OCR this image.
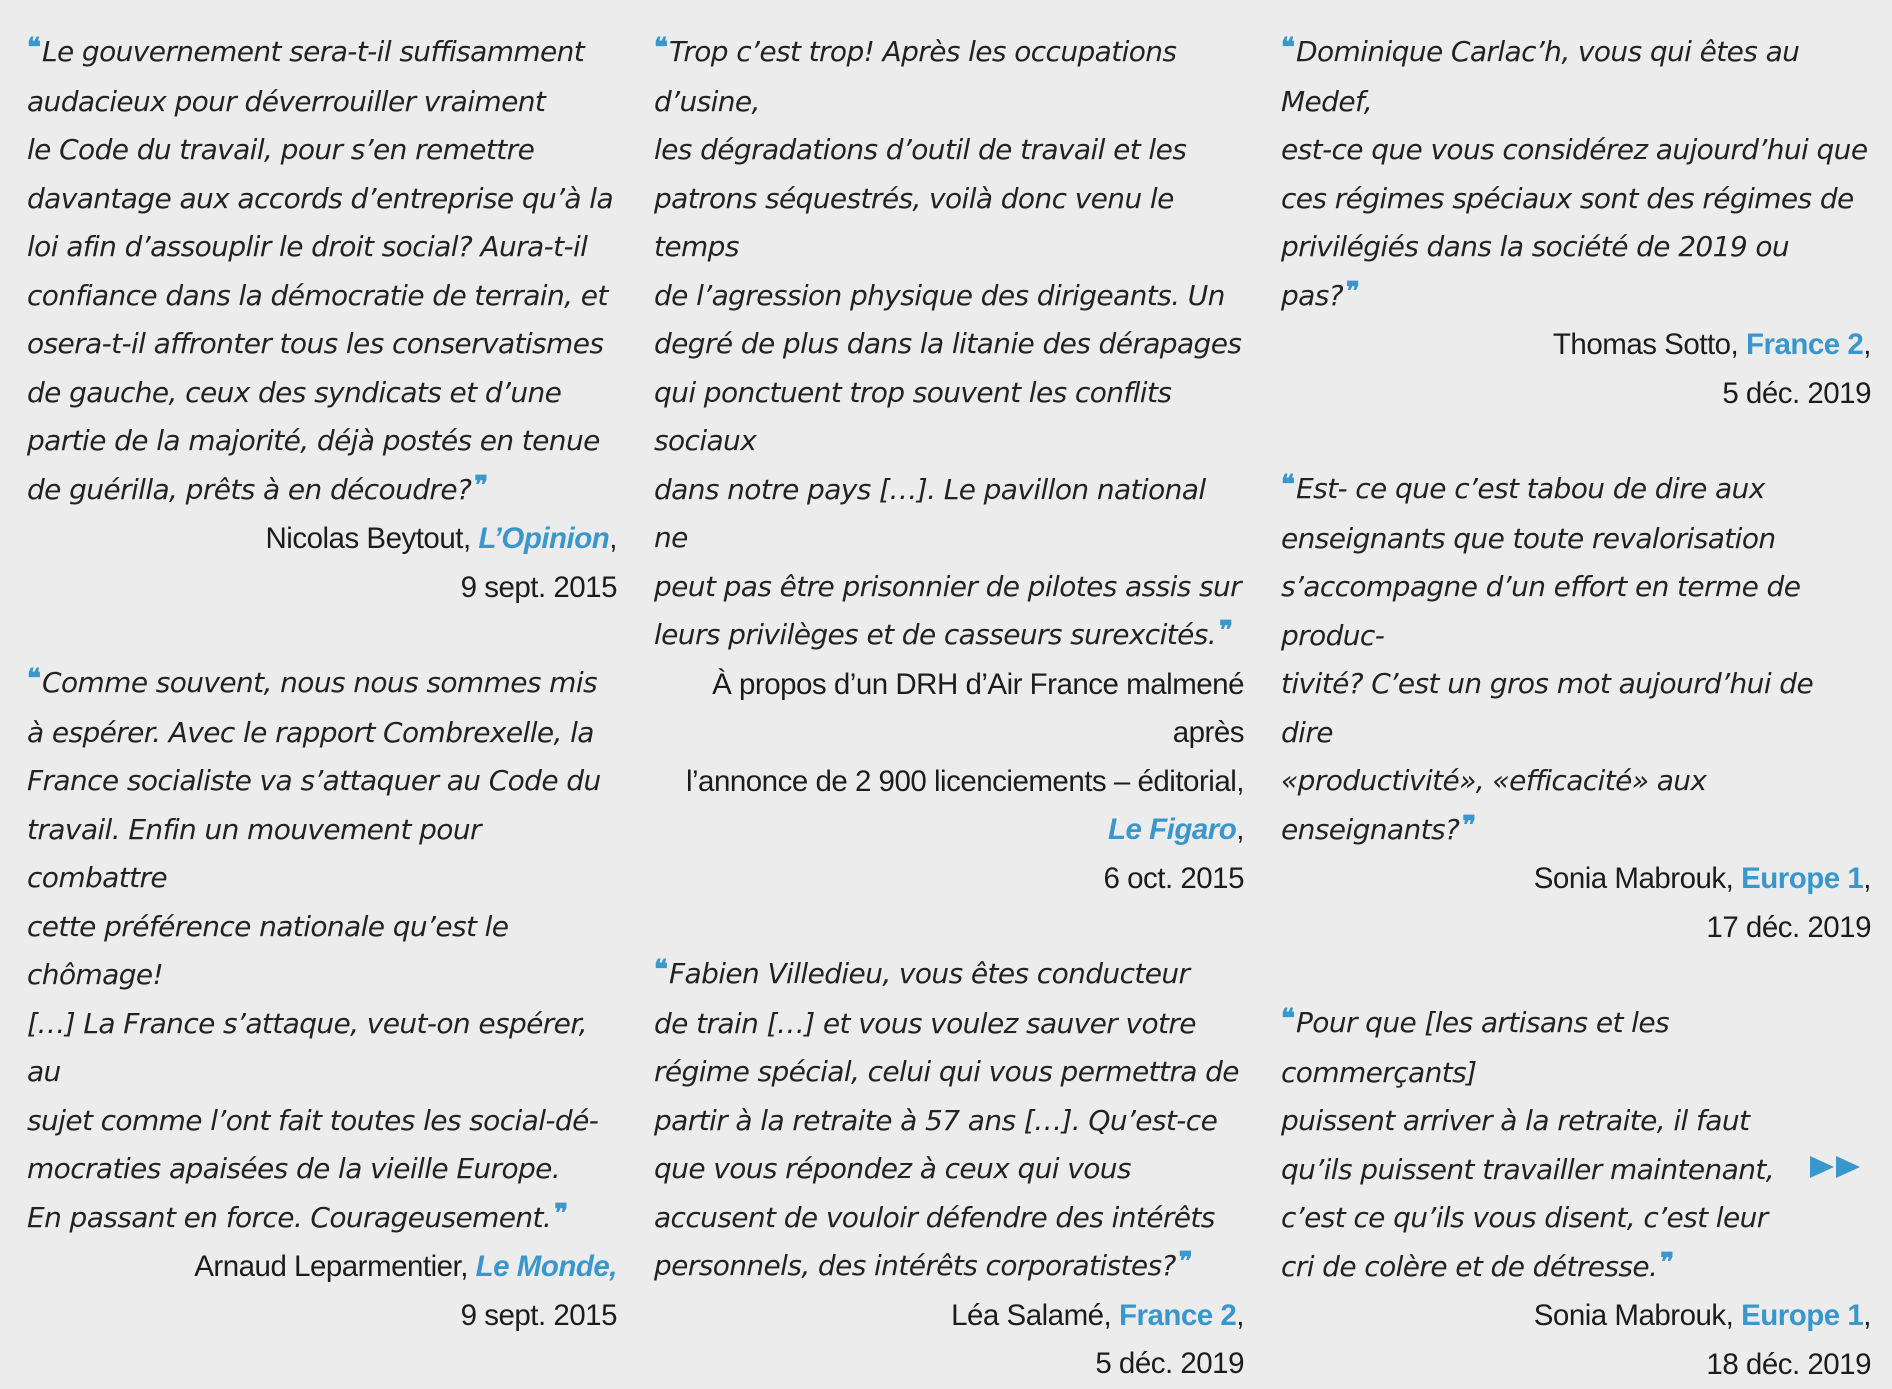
❝ Le gouvernement sera-t-il suffisamment
audacieux pour déverrouiller vraiment
le Code du travail, pour s’en remettre
davantage aux accords d’entreprise qu’à la
loi afin d’assouplir le droit social? Aura-t-il
confiance dans la démocratie de terrain, et
osera-t-il affronter tous les conservatismes
de gauche, ceux des syndicats et d’une
partie de la majorité, déjà postés en tenue
de guérilla, prêts à en découdre? ❞

Nicolas Beytout, L’Opinion,
9 sept. 2015

❝ Comme souvent, nous nous sommes mis
à espérer. Avec le rapport Combrexelle, la
France socialiste va s’attaquer au Code du
travail. Enfin un mouvement pour combattre
cette préférence nationale qu’est le chômage!
[…] La France s’attaque, veut-on espérer, au
sujet comme l’ont fait toutes les social-dé-
mocraties apaisées de la vieille Europe.
En passant en force. Courageusement. ❞

Arnaud Leparmentier, Le Monde,
9 sept. 2015

❝ Trop c’est trop! Après les occupations d’usine,
les dégradations d’outil de travail et les
patrons séquestrés, voilà donc venu le temps
de l’agression physique des dirigeants. Un
degré de plus dans la litanie des dérapages
qui ponctuent trop souvent les conflits sociaux
dans notre pays […]. Le pavillon national ne
peut pas être prisonnier de pilotes assis sur
leurs privilèges et de casseurs surexcités. ❞

À propos d’un DRH d’Air France malmené après
l’annonce de 2 900 licenciements – éditorial,
Le Figaro,
6 oct. 2015

❝ Fabien Villedieu, vous êtes conducteur
de train […] et vous voulez sauver votre
régime spécial, celui qui vous permettra de
partir à la retraite à 57 ans […]. Qu’est-ce
que vous répondez à ceux qui vous
accusent de vouloir défendre des intérêts
personnels, des intérêts corporatistes? ❞

Léa Salamé, France 2,
5 déc. 2019

❝ Dominique Carlac’h, vous qui êtes au Medef,
est-ce que vous considérez aujourd’hui que
ces régimes spéciaux sont des régimes de
privilégiés dans la société de 2019 ou pas? ❞

Thomas Sotto, France 2,
5 déc. 2019

❝ Est- ce que c’est tabou de dire aux
enseignants que toute revalorisation
s’accompagne d’un effort en terme de produc-
tivité? C’est un gros mot aujourd’hui de dire
«productivité», «efficacité» aux enseignants? ❞

Sonia Mabrouk, Europe 1,
17 déc. 2019

❝ Pour que [les artisans et les commerçants]
puissent arriver à la retraite, il faut
qu’ils puissent travailler maintenant,
c’est ce qu’ils vous disent, c’est leur
cri de colère et de détresse. ❞

Sonia Mabrouk, Europe 1,
18 déc. 2019
